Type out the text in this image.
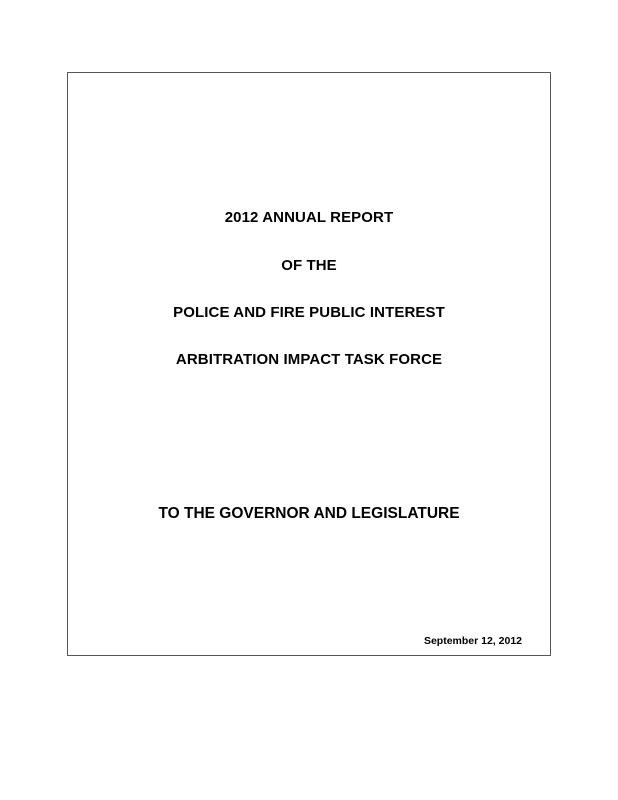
2012 ANNUAL REPORT
OF THE
POLICE AND FIRE PUBLIC INTEREST
ARBITRATION IMPACT TASK FORCE
TO THE GOVERNOR AND LEGISLATURE
September 12, 2012
